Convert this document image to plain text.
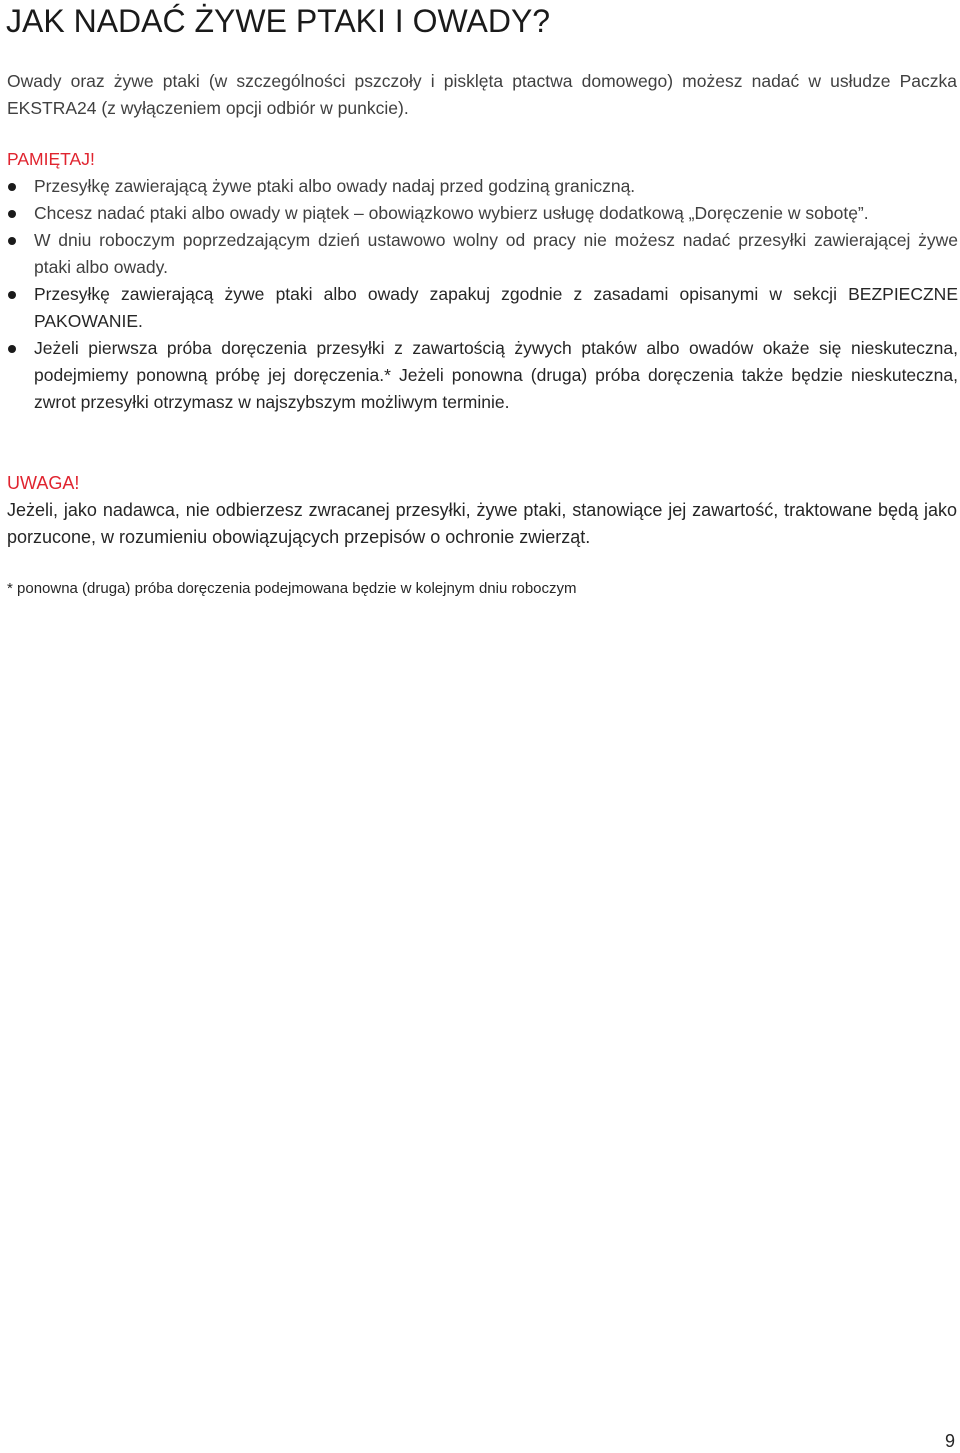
JAK NADAĆ ŻYWE PTAKI I OWADY?

Owady oraz żywe ptaki (w szczególności pszczoły i pisklęta ptactwa domowego) możesz nadać w usłudze Paczka EKSTRA24 (z wyłączeniem opcji odbiór w punkcie).

PAMIĘTAJ!

Przesyłkę zawierającą żywe ptaki albo owady nadaj przed godziną graniczną.
Chcesz nadać ptaki albo owady w piątek – obowiązkowo wybierz usługę dodatkową „Doręczenie w sobotę”.
W dniu roboczym poprzedzającym dzień ustawowo wolny od pracy nie możesz nadać przesyłki zawierającej żywe ptaki albo owady.
Przesyłkę zawierającą żywe ptaki albo owady zapakuj zgodnie z zasadami opisanymi w sekcji BEZPIECZNE PAKOWANIE.
Jeżeli pierwsza próba doręczenia przesyłki z zawartością żywych ptaków albo owadów okaże się nieskuteczna, podejmiemy ponowną próbę jej doręczenia.* Jeżeli ponowna (druga) próba doręczenia także będzie nieskuteczna, zwrot przesyłki otrzymasz w najszybszym możliwym terminie.

UWAGA!

Jeżeli, jako nadawca, nie odbierzesz zwracanej przesyłki, żywe ptaki, stanowiące jej zawartość, traktowane będą jako porzucone, w rozumieniu obowiązujących przepisów o ochronie zwierząt.

* ponowna (druga) próba doręczenia podejmowana będzie w kolejnym dniu roboczym

9
